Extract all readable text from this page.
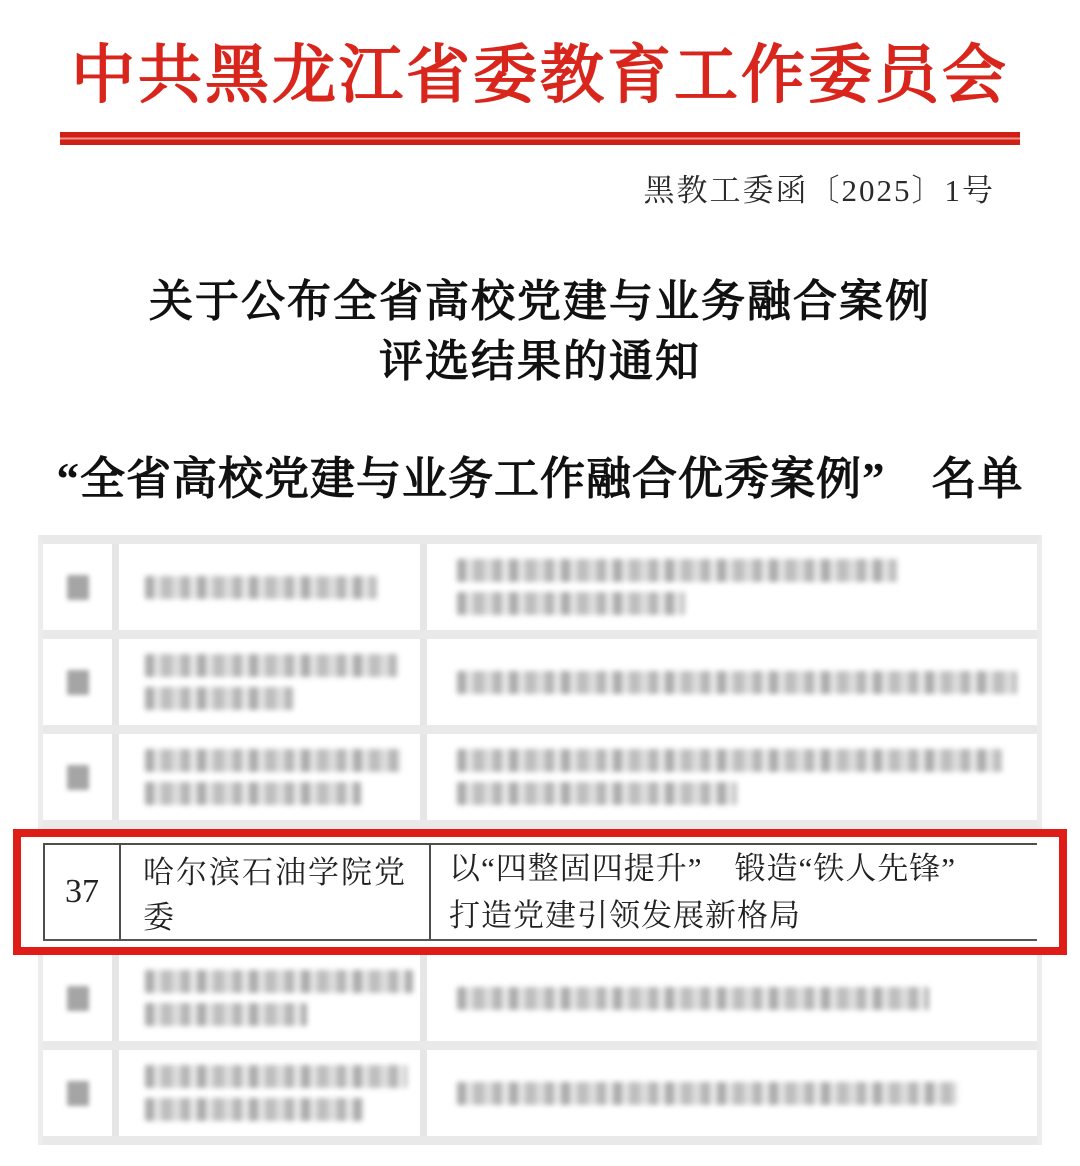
中共黑龙江省委教育工作委员会
黑教工委函〔2025〕1号
关于公布全省高校党建与业务融合案例
评选结果的通知
“全省高校党建与业务工作融合优秀案例”　名单
37
哈尔滨石油学院党委
以“四整固四提升”　锻造“铁人先锋”
打造党建引领发展新格局
